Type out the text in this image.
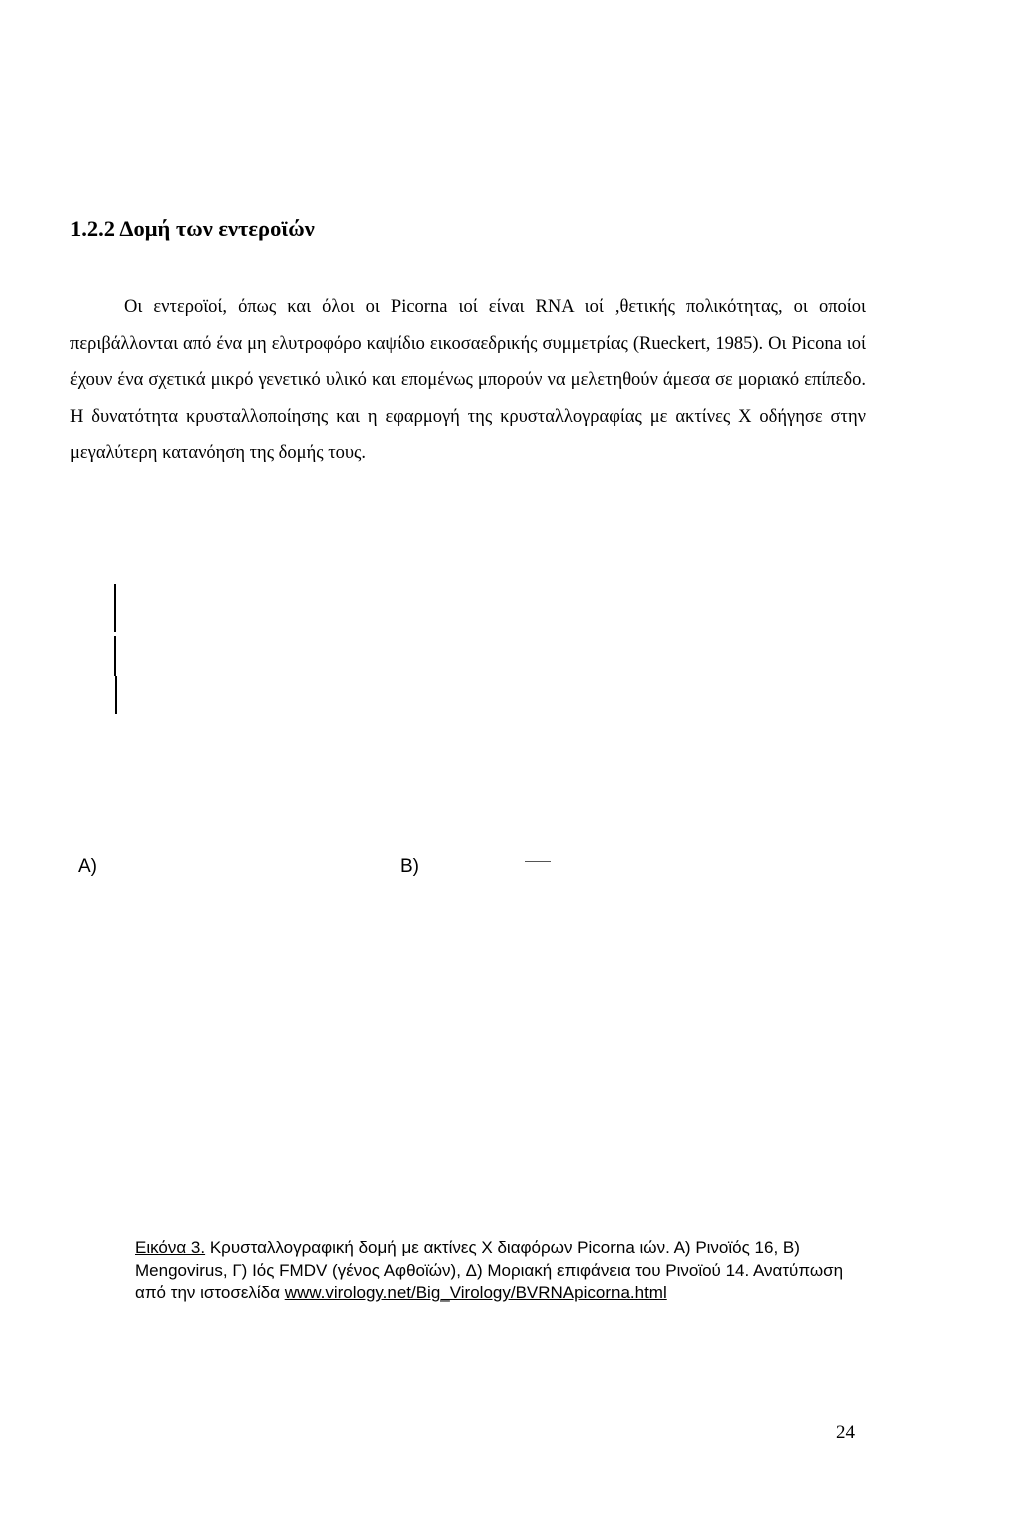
1.2.2 Δομή των εντεροϊών

Οι εντεροϊοί, όπως και όλοι οι Picorna ιοί είναι RNA ιοί ,θετικής πολικότητας, οι οποίοι περιβάλλονται από ένα μη ελυτροφόρο καψίδιο εικοσαεδρικής συμμετρίας (Rueckert, 1985). Οι Picona ιοί έχουν ένα σχετικά μικρό γενετικό υλικό και επομένως μπορούν να μελετηθούν άμεσα σε μοριακό επίπεδο. Η δυνατότητα κρυσταλλοποίησης και η εφαρμογή της κρυσταλλογραφίας με ακτίνες Χ οδήγησε στην μεγαλύτερη κατανόηση της δομής τους.

A)	B)

Εικόνα 3. Κρυσταλλογραφική δομή με ακτίνες Χ διαφόρων Picorna ιών. Α) Ρινοϊός 16, Β) Mengovirus, Γ) Ιός FMDV (γένος Αφθοϊών), Δ) Μοριακή επιφάνεια του Ρινοϊού 14. Ανατύπωση από την ιστοσελίδα www.virology.net/Big_Virology/BVRNApicorna.html

24
